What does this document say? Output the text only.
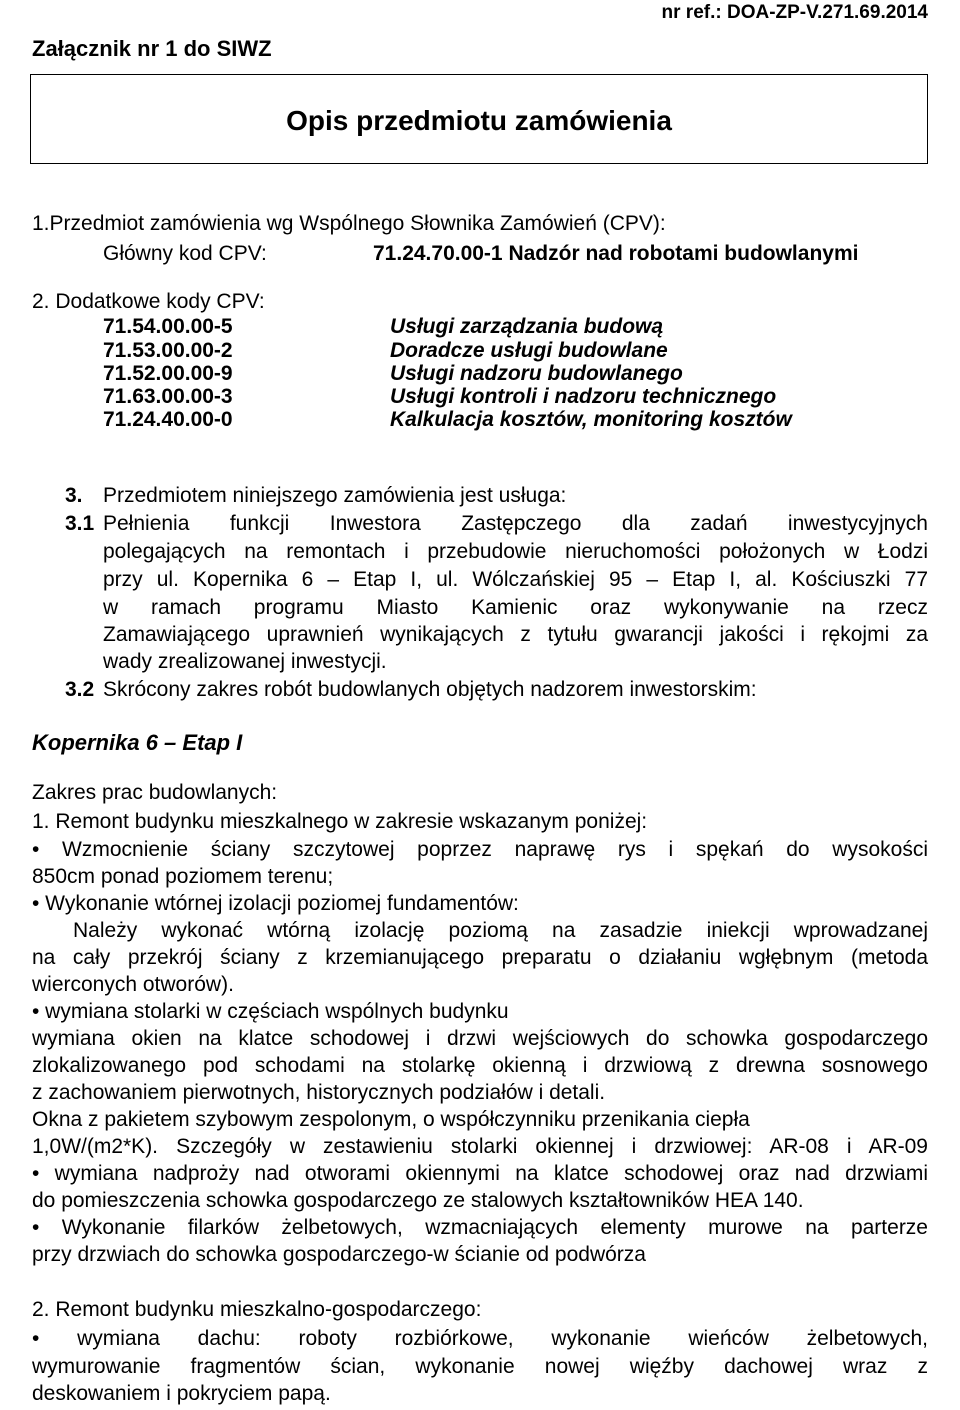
nr ref.: DOA-ZP-V.271.69.2014
Załącznik nr 1 do SIWZ
Opis przedmiotu zamówienia
1.Przedmiot zamówienia wg Wspólnego Słownika Zamówień (CPV):
Główny kod CPV:	71.24.70.00-1 Nadzór nad robotami budowlanymi
2. Dodatkowe kody CPV:
71.54.00.00-5	Usługi zarządzania budową
71.53.00.00-2	Doradcze usługi budowlane
71.52.00.00-9	Usługi nadzoru budowlanego
71.63.00.00-3	Usługi kontroli i nadzoru technicznego
71.24.40.00-0	Kalkulacja kosztów, monitoring kosztów
3. Przedmiotem niniejszego zamówienia jest usługa:
3.1 Pełnienia funkcji Inwestora Zastępczego dla zadań inwestycyjnych
polegających na remontach i przebudowie nieruchomości położonych w Łodzi
przy ul. Kopernika 6 – Etap I, ul. Wólczańskiej 95 – Etap I, al. Kościuszki 77
w ramach programu Miasto Kamienic oraz wykonywanie na rzecz
Zamawiającego uprawnień wynikających z tytułu gwarancji jakości i rękojmi za
wady zrealizowanej inwestycji.
3.2 Skrócony zakres robót budowlanych objętych nadzorem inwestorskim:
Kopernika 6 – Etap I
Zakres prac budowlanych:
1. Remont budynku mieszkalnego w zakresie wskazanym poniżej:
• Wzmocnienie ściany szczytowej poprzez naprawę rys i spękań do wysokości
850cm ponad poziomem terenu;
• Wykonanie wtórnej izolacji poziomej fundamentów:
Należy wykonać wtórną izolację poziomą na zasadzie iniekcji wprowadzanej
na cały przekrój ściany z krzemianującego preparatu o działaniu wgłębnym (metoda
wierconych otworów).
• wymiana stolarki w częściach wspólnych budynku
wymiana okien na klatce schodowej i drzwi wejściowych do schowka gospodarczego
zlokalizowanego pod schodami na stolarkę okienną i drzwiową z drewna sosnowego
z zachowaniem pierwotnych, historycznych podziałów i detali.
Okna z pakietem szybowym zespolonym, o współczynniku przenikania ciepła
1,0W/(m2*K). Szczegóły w zestawieniu stolarki okiennej i drzwiowej: AR-08 i AR-09
• wymiana nadproży nad otworami okiennymi na klatce schodowej oraz nad drzwiami
do pomieszczenia schowka gospodarczego ze stalowych kształtowników HEA 140.
• Wykonanie filarków żelbetowych, wzmacniających elementy murowe na parterze
przy drzwiach do schowka gospodarczego-w ścianie od podwórza
2. Remont budynku mieszkalno-gospodarczego:
• wymiana dachu: roboty rozbiórkowe, wykonanie wieńców żelbetowych,
wymurowanie fragmentów ścian, wykonanie nowej więźby dachowej wraz z
deskowaniem i pokryciem papą.
